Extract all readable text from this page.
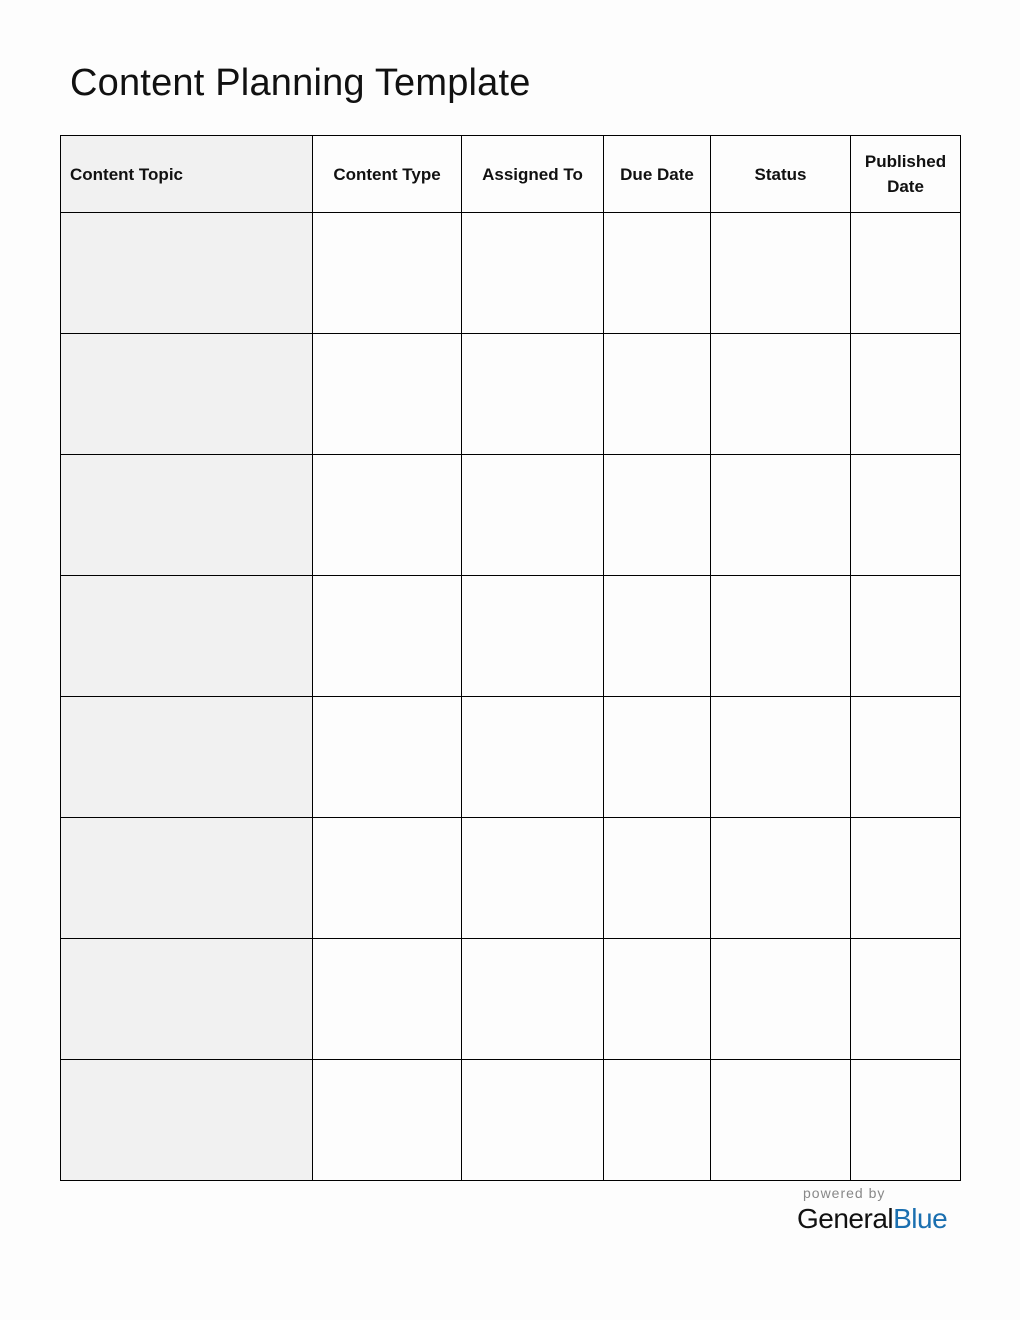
Content Planning Template
Content Topic	Content Type	Assigned To	Due Date	Status	Published Date

powered by
GeneralBlue
